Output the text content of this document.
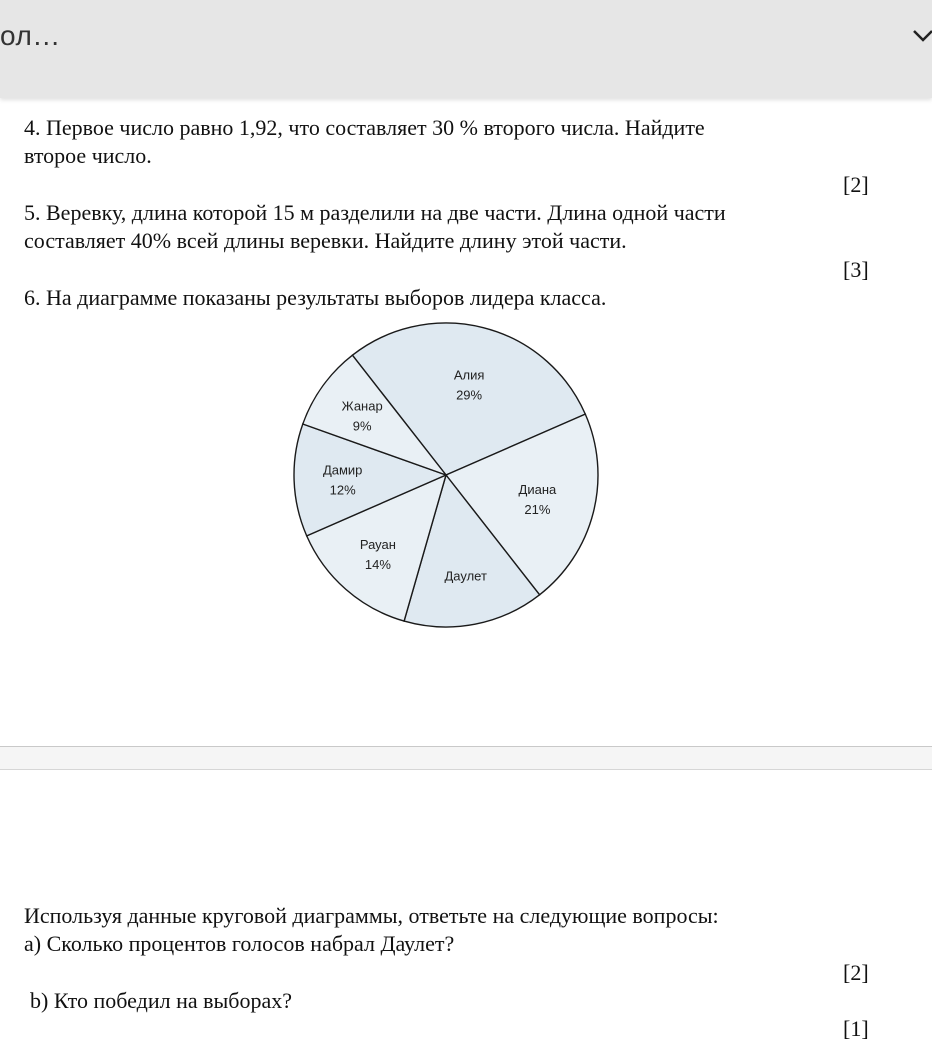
ол…
4. Первое число равно 1,92, что составляет 30 % второго числа. Найдите
второе число.
[2]
5. Веревку, длина которой 15 м разделили на две части. Длина одной части
составляет 40% всей длины веревки. Найдите длину этой части.
[3]
6. На диаграмме показаны результаты выборов лидера класса.
Алия 29%
Диана 21%
Даулет
Рауан 14%
Дамир 12%
Жанар 9%
Используя данные круговой диаграммы, ответьте на следующие вопросы:
a) Сколько процентов голосов набрал Даулет?
[2]
b) Кто победил на выборах?
[1]
